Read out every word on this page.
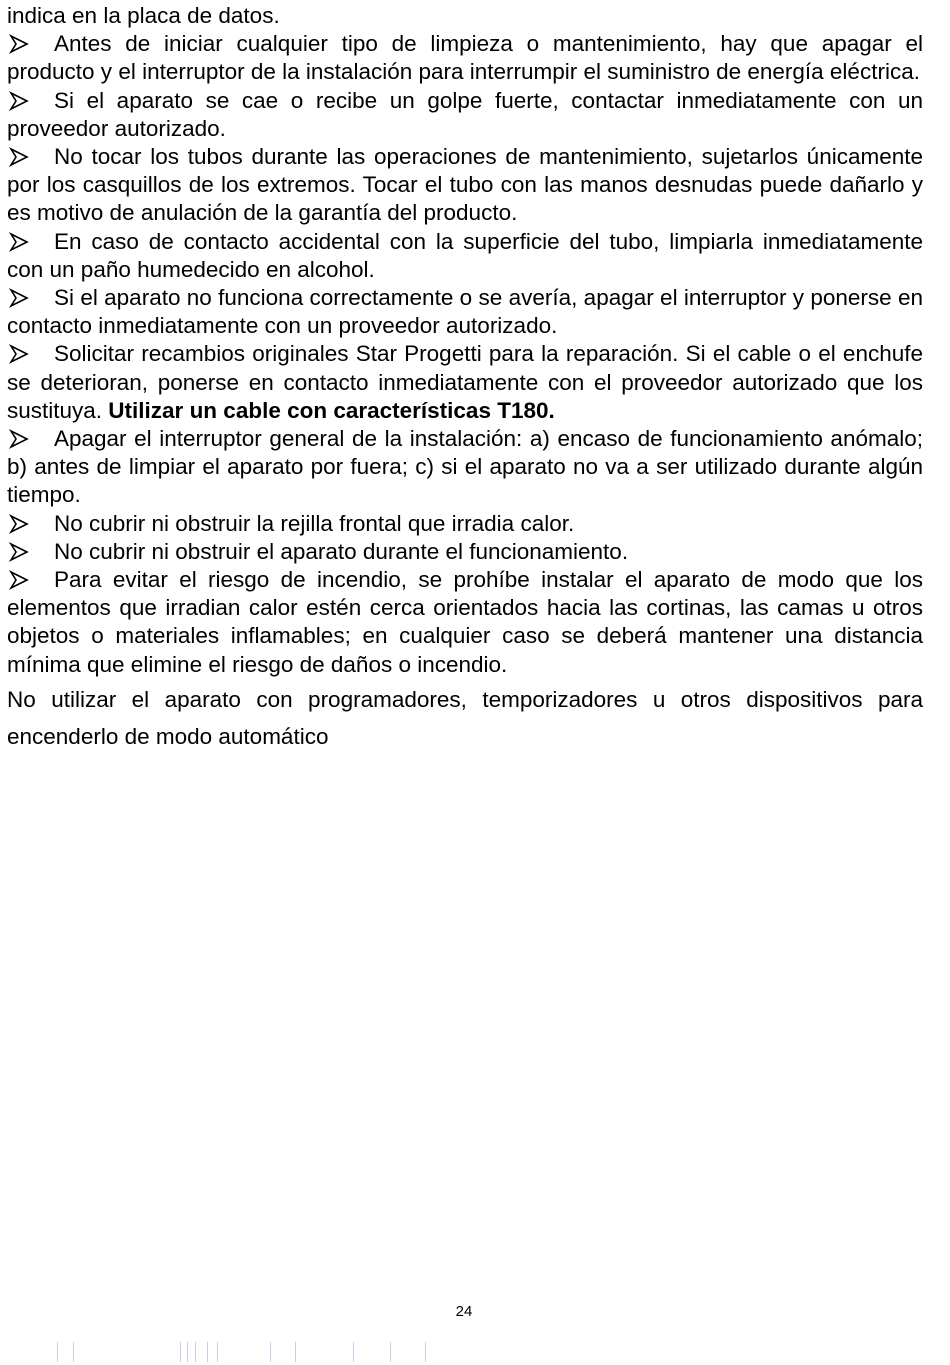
indica en la placa de datos.

Antes de iniciar cualquier tipo de limpieza o mantenimiento, hay que apagar el producto y el interruptor de la instalación para interrumpir el suministro de energía eléctrica.

Si el aparato se cae o recibe un golpe fuerte, contactar inmediatamente con un proveedor autorizado.

No tocar los tubos durante las operaciones de mantenimiento, sujetarlos únicamente por los casquillos de los extremos. Tocar el tubo con las manos desnudas puede dañarlo y es motivo de anulación de la garantía del producto.

En caso de contacto accidental con la superficie del tubo, limpiarla inmediatamente con un paño humedecido en alcohol.

Si el aparato no funciona correctamente o se avería, apagar el interruptor y ponerse en contacto inmediatamente con un proveedor autorizado.

Solicitar recambios originales Star Progetti para la reparación. Si el cable o el enchufe se deterioran, ponerse en contacto inmediatamente con el proveedor autorizado que los sustituya. Utilizar un cable con características T180.

Apagar el interruptor general de la instalación: a) encaso de funcionamiento anómalo; b) antes de limpiar el aparato por fuera; c) si el aparato no va a ser utilizado durante algún tiempo.

No cubrir ni obstruir la rejilla frontal que irradia calor.

No cubrir ni obstruir el aparato durante el funcionamiento.

Para evitar el riesgo de incendio, se prohíbe instalar el aparato de modo que los elementos que irradian calor estén cerca orientados hacia las cortinas, las camas u otros objetos o materiales inflamables; en cualquier caso se deberá mantener una distancia mínima que elimine el riesgo de daños o incendio.

No utilizar el aparato con programadores, temporizadores u otros dispositivos para encenderlo de modo automático

24
